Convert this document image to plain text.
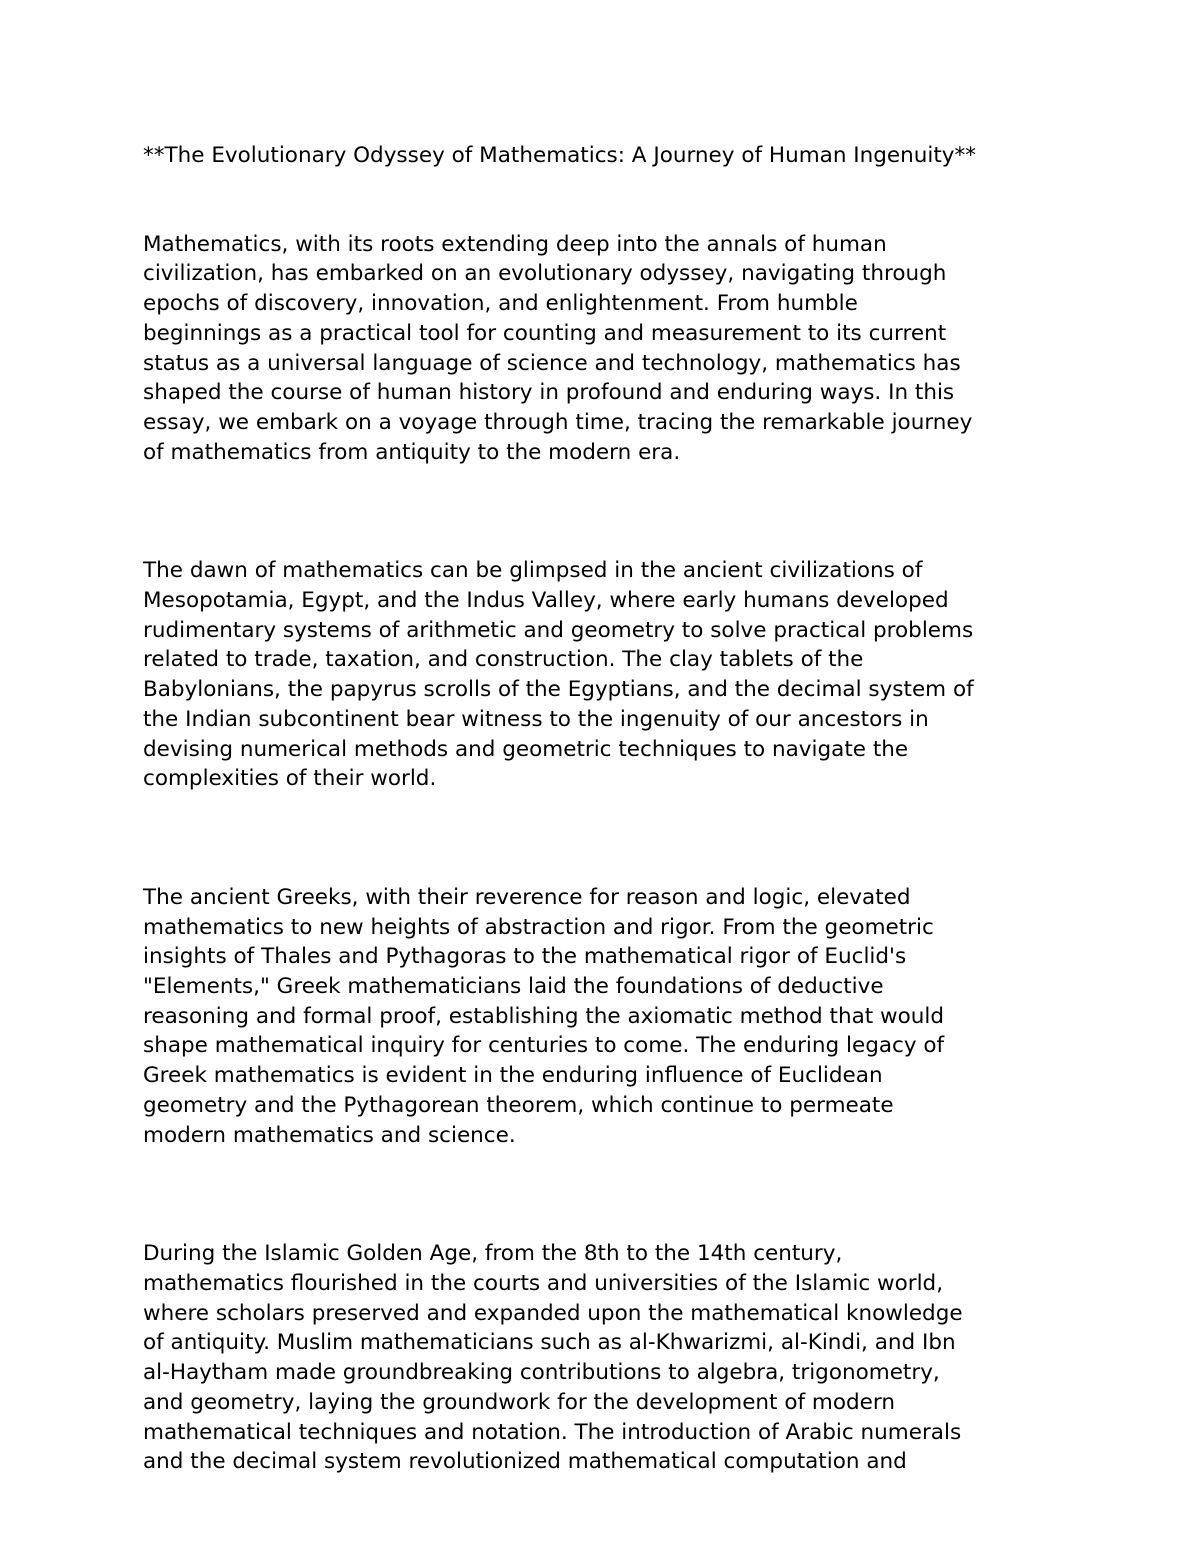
**The Evolutionary Odyssey of Mathematics: A Journey of Human Ingenuity**
Mathematics, with its roots extending deep into the annals of human
civilization, has embarked on an evolutionary odyssey, navigating through
epochs of discovery, innovation, and enlightenment. From humble
beginnings as a practical tool for counting and measurement to its current
status as a universal language of science and technology, mathematics has
shaped the course of human history in profound and enduring ways. In this
essay, we embark on a voyage through time, tracing the remarkable journey
of mathematics from antiquity to the modern era.
The dawn of mathematics can be glimpsed in the ancient civilizations of
Mesopotamia, Egypt, and the Indus Valley, where early humans developed
rudimentary systems of arithmetic and geometry to solve practical problems
related to trade, taxation, and construction. The clay tablets of the
Babylonians, the papyrus scrolls of the Egyptians, and the decimal system of
the Indian subcontinent bear witness to the ingenuity of our ancestors in
devising numerical methods and geometric techniques to navigate the
complexities of their world.
The ancient Greeks, with their reverence for reason and logic, elevated
mathematics to new heights of abstraction and rigor. From the geometric
insights of Thales and Pythagoras to the mathematical rigor of Euclid's
"Elements," Greek mathematicians laid the foundations of deductive
reasoning and formal proof, establishing the axiomatic method that would
shape mathematical inquiry for centuries to come. The enduring legacy of
Greek mathematics is evident in the enduring influence of Euclidean
geometry and the Pythagorean theorem, which continue to permeate
modern mathematics and science.
During the Islamic Golden Age, from the 8th to the 14th century,
mathematics flourished in the courts and universities of the Islamic world,
where scholars preserved and expanded upon the mathematical knowledge
of antiquity. Muslim mathematicians such as al-Khwarizmi, al-Kindi, and Ibn
al-Haytham made groundbreaking contributions to algebra, trigonometry,
and geometry, laying the groundwork for the development of modern
mathematical techniques and notation. The introduction of Arabic numerals
and the decimal system revolutionized mathematical computation and
